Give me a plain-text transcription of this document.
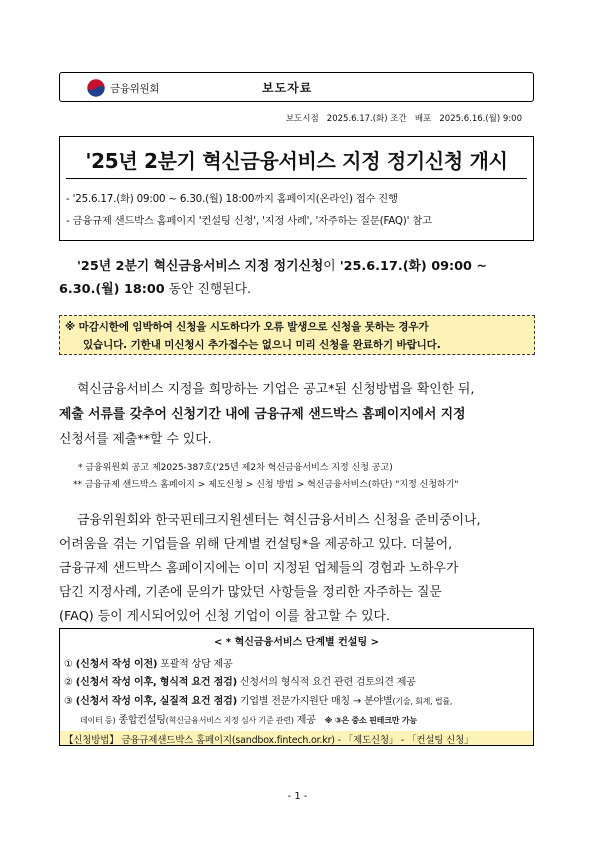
금융위원회	보도자료
보도시점 2025.6.17.(화) 조간 배포 2025.6.16.(월) 9:00
'25년 2분기 혁신금융서비스 지정 정기신청 개시
- '25.6.17.(화) 09:00 ~ 6.30.(월) 18:00까지 홈페이지(온라인) 접수 진행
- 금융규제 샌드박스 홈페이지 '컨설팅 신청', '지정 사례', '자주하는 질문(FAQ)' 참고
'25년 2분기 혁신금융서비스 지정 정기신청이 '25.6.17.(화) 09:00 ~
6.30.(월) 18:00 동안 진행된다.
※ 마감시한에 임박하여 신청을 시도하다가 오류 발생으로 신청을 못하는 경우가
있습니다. 기한내 미신청시 추가접수는 없으니 미리 신청을 완료하기 바랍니다.
혁신금융서비스 지정을 희망하는 기업은 공고*된 신청방법을 확인한 뒤,
제출 서류를 갖추어 신청기간 내에 금융규제 샌드박스 홈페이지에서 지정
신청서를 제출**할 수 있다.
* 금융위원회 공고 제2025-387호('25년 제2차 혁신금융서비스 지정 신청 공고)
** 금융규제 샌드박스 홈페이지 > 제도신청 > 신청 방법 > 혁신금융서비스(하단) "지정 신청하기"
금융위원회와 한국핀테크지원센터는 혁신금융서비스 신청을 준비중이나,
어려움을 겪는 기업들을 위해 단계별 컨설팅*을 제공하고 있다. 더불어,
금융규제 샌드박스 홈페이지에는 이미 지정된 업체들의 경험과 노하우가
담긴 지정사례, 기존에 문의가 많았던 사항들을 정리한 자주하는 질문
(FAQ) 등이 게시되어있어 신청 기업이 이를 참고할 수 있다.
< * 혁신금융서비스 단계별 컨설팅 >
① (신청서 작성 이전) 포괄적 상담 제공
② (신청서 작성 이후, 형식적 요건 점검) 신청서의 형식적 요건 관련 검토의견 제공
③ (신청서 작성 이후, 실질적 요건 점검) 기업별 전문가지원단 매칭 → 분야별(기술, 회계, 법률,
데이터 등) 종합컨설팅(혁신금융서비스 지정 심사 기준 관련) 제공 ※ ③은 중소 핀테크만 가능
【신청방법】 금융규제샌드박스 홈페이지(sandbox.fintech.or.kr) - 「제도신청」 - 「컨설팅 신청」
- 1 -
